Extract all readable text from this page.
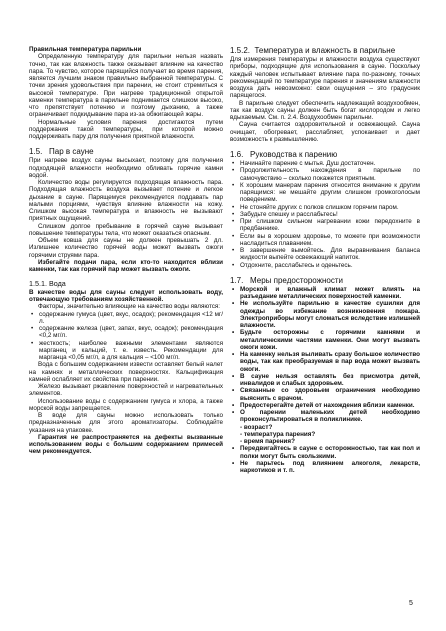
Правильная температура парильни

Определенную температуру для парильни нельзя назвать точно, так как влажность также оказывает влияние на качество пара. То чувство, которое парящийся получает во время парения, является лучшим знаком правильно выбранной температуры. С точки зрения удовольствия при парении, не стоит стремиться к высокой температуре. При нагреве традиционной открытой каменки температура в парильне поднимается слишком высоко, что препятствует потению и поэтому дыханию, а также ограничивает подкидывание пара из-за обжигающей жары.

Нормальные условия парения достигаются путем поддержания такой температуры, при которой можно поддерживать пару для получения приятной влажности.

1.5. Пар в сауне

При нагреве воздух сауны высыхает, поэтому для получения подходящей влажности необходимо обливать горячие камни водой.

Количество воды регулируется подходящая влажность пара. Подходящая влажность воздуха вызывает потение и легкое дыхание в сауне. Парящемуся рекомендуется поддавать пар малыми порциями, чувствуя влияние влажности на кожу. Слишком высокая температура и влажность не вызывают приятных ощущений.

Слишком долгое пребывание в горячей сауне вызывает повышение температуры тела, что может оказаться опасным.

Объем ковша для сауны не должен превышать 2 дл. Излишнее количество горячей воды может вызвать ожоги горячими струями пара.

Избегайте подачи пара, если кто-то находится вблизи каменки, так как горячий пар может вызвать ожоги.

1.5.1. Вода

В качестве воды для сауны следует использовать воду, отвечающую требованиям хозяйственной.

Факторы, значительно влияющие на качество воды являются:

• содержание гумуса (цвет, вкус, осадок); рекомендация <12 мг/л.
• содержание железа (цвет, запах, вкус, осадок); рекомендация <0,2 мг/л.
• жесткость; наиболее важными элементами являются марганец и кальций, т. е. известь. Рекомендации для марганца <0,05 мг/л, а для кальция – <100 мг/л.

Вода с большим содержанием извести оставляет белый налет на камнях и металлических поверхностях. Кальцификация камней ослабляет их свойства при парении.

Железо вызывает ржавление поверхностей и нагревательных элементов.

Использование воды с содержанием гумуса и хлора, а также морской воды запрещается.

В воде для сауны можно использовать только предназначенные для этого ароматизаторы. Соблюдайте указания на упаковке.

Гарантия не распространяется на дефекты вызванные использованием воды с большим содержанием примесей чем рекомендуется.

1.5.2. Температура и влажность в парильне

Для измерения температуры и влажности воздуха существуют приборы, подходящие для использования в сауне. Поскольку каждый человек испытывает влияние пара по-разному, точных рекомендаций по температуре парения и значениям влажности воздуха дать невозможно: свои ощущения – это градусник парящегося.

В парильне следует обеспечить надлежащий воздухообмен, так как воздух сауны должен быть богат кислородом и легко вдыхаемым. См. п. 2.4. Воздухообмен парильни.

Сауна считается оздоровительной и освежающей. Сауна очищает, обогревает, расслабляет, успокаивает и дает возможность к размышлению.

1.6. Руководства к парению
• Начинайте парение с мытья. Душ достаточен.
• Продолжительность нахождения в парильне по самочувствию – сколько покажется приятным.
• К хорошим манерам парения относится внимание к другим парящимся: не мешайте другим слишком громкоголосым поведением.
• Не стоняйте других с полков слишком горячим паром.
• Забудьте спешку и расслабьтесь!
• При слишком сильном нагревании кожи передохните в предбаннике.
• Если вы в хорошем здоровье, то можете при возможности насладиться плаванием.
• В завершение вымойтесь. Для выравнивания баланса жидкости выпейте освежающий напиток.
• Отдохните, расслабьтесь и оденьтесь.
1.7. Меры предосторожности
• Морской и влажный климат может влиять на разъедание металлических поверхностей каменки.
• Не используйте парильню в качестве сушилки для одежды во избежание возникновения пожара. Электроприборы могут сломаться вследствие излишней влажности.
• Будьте осторожны с горячими камнями и металлическими частями каменки. Они могут вызвать ожоги кожи.
• На каменку нельзя выливать сразу большое количество воды, так как преобразуемая в пар вода может вызвать ожоги.
• В сауне нельзя оставлять без присмотра детей, инвалидов и слабых здоровьем.
• Связанные со здоровьем ограничения необходимо выяснить с врачом.
• Предостерегайте детей от нахождения вблизи каменки.
• О парении маленьких детей необходимо проконсультироваться в поликлинике.
- возраст?
- температура парения?
- время парения?
• Передвигайтесь в сауне с осторожностью, так как пол и полки могут быть скользкими.
• Не парьтесь под влиянием алкоголя, лекарств, наркотиков и т. п.
5
